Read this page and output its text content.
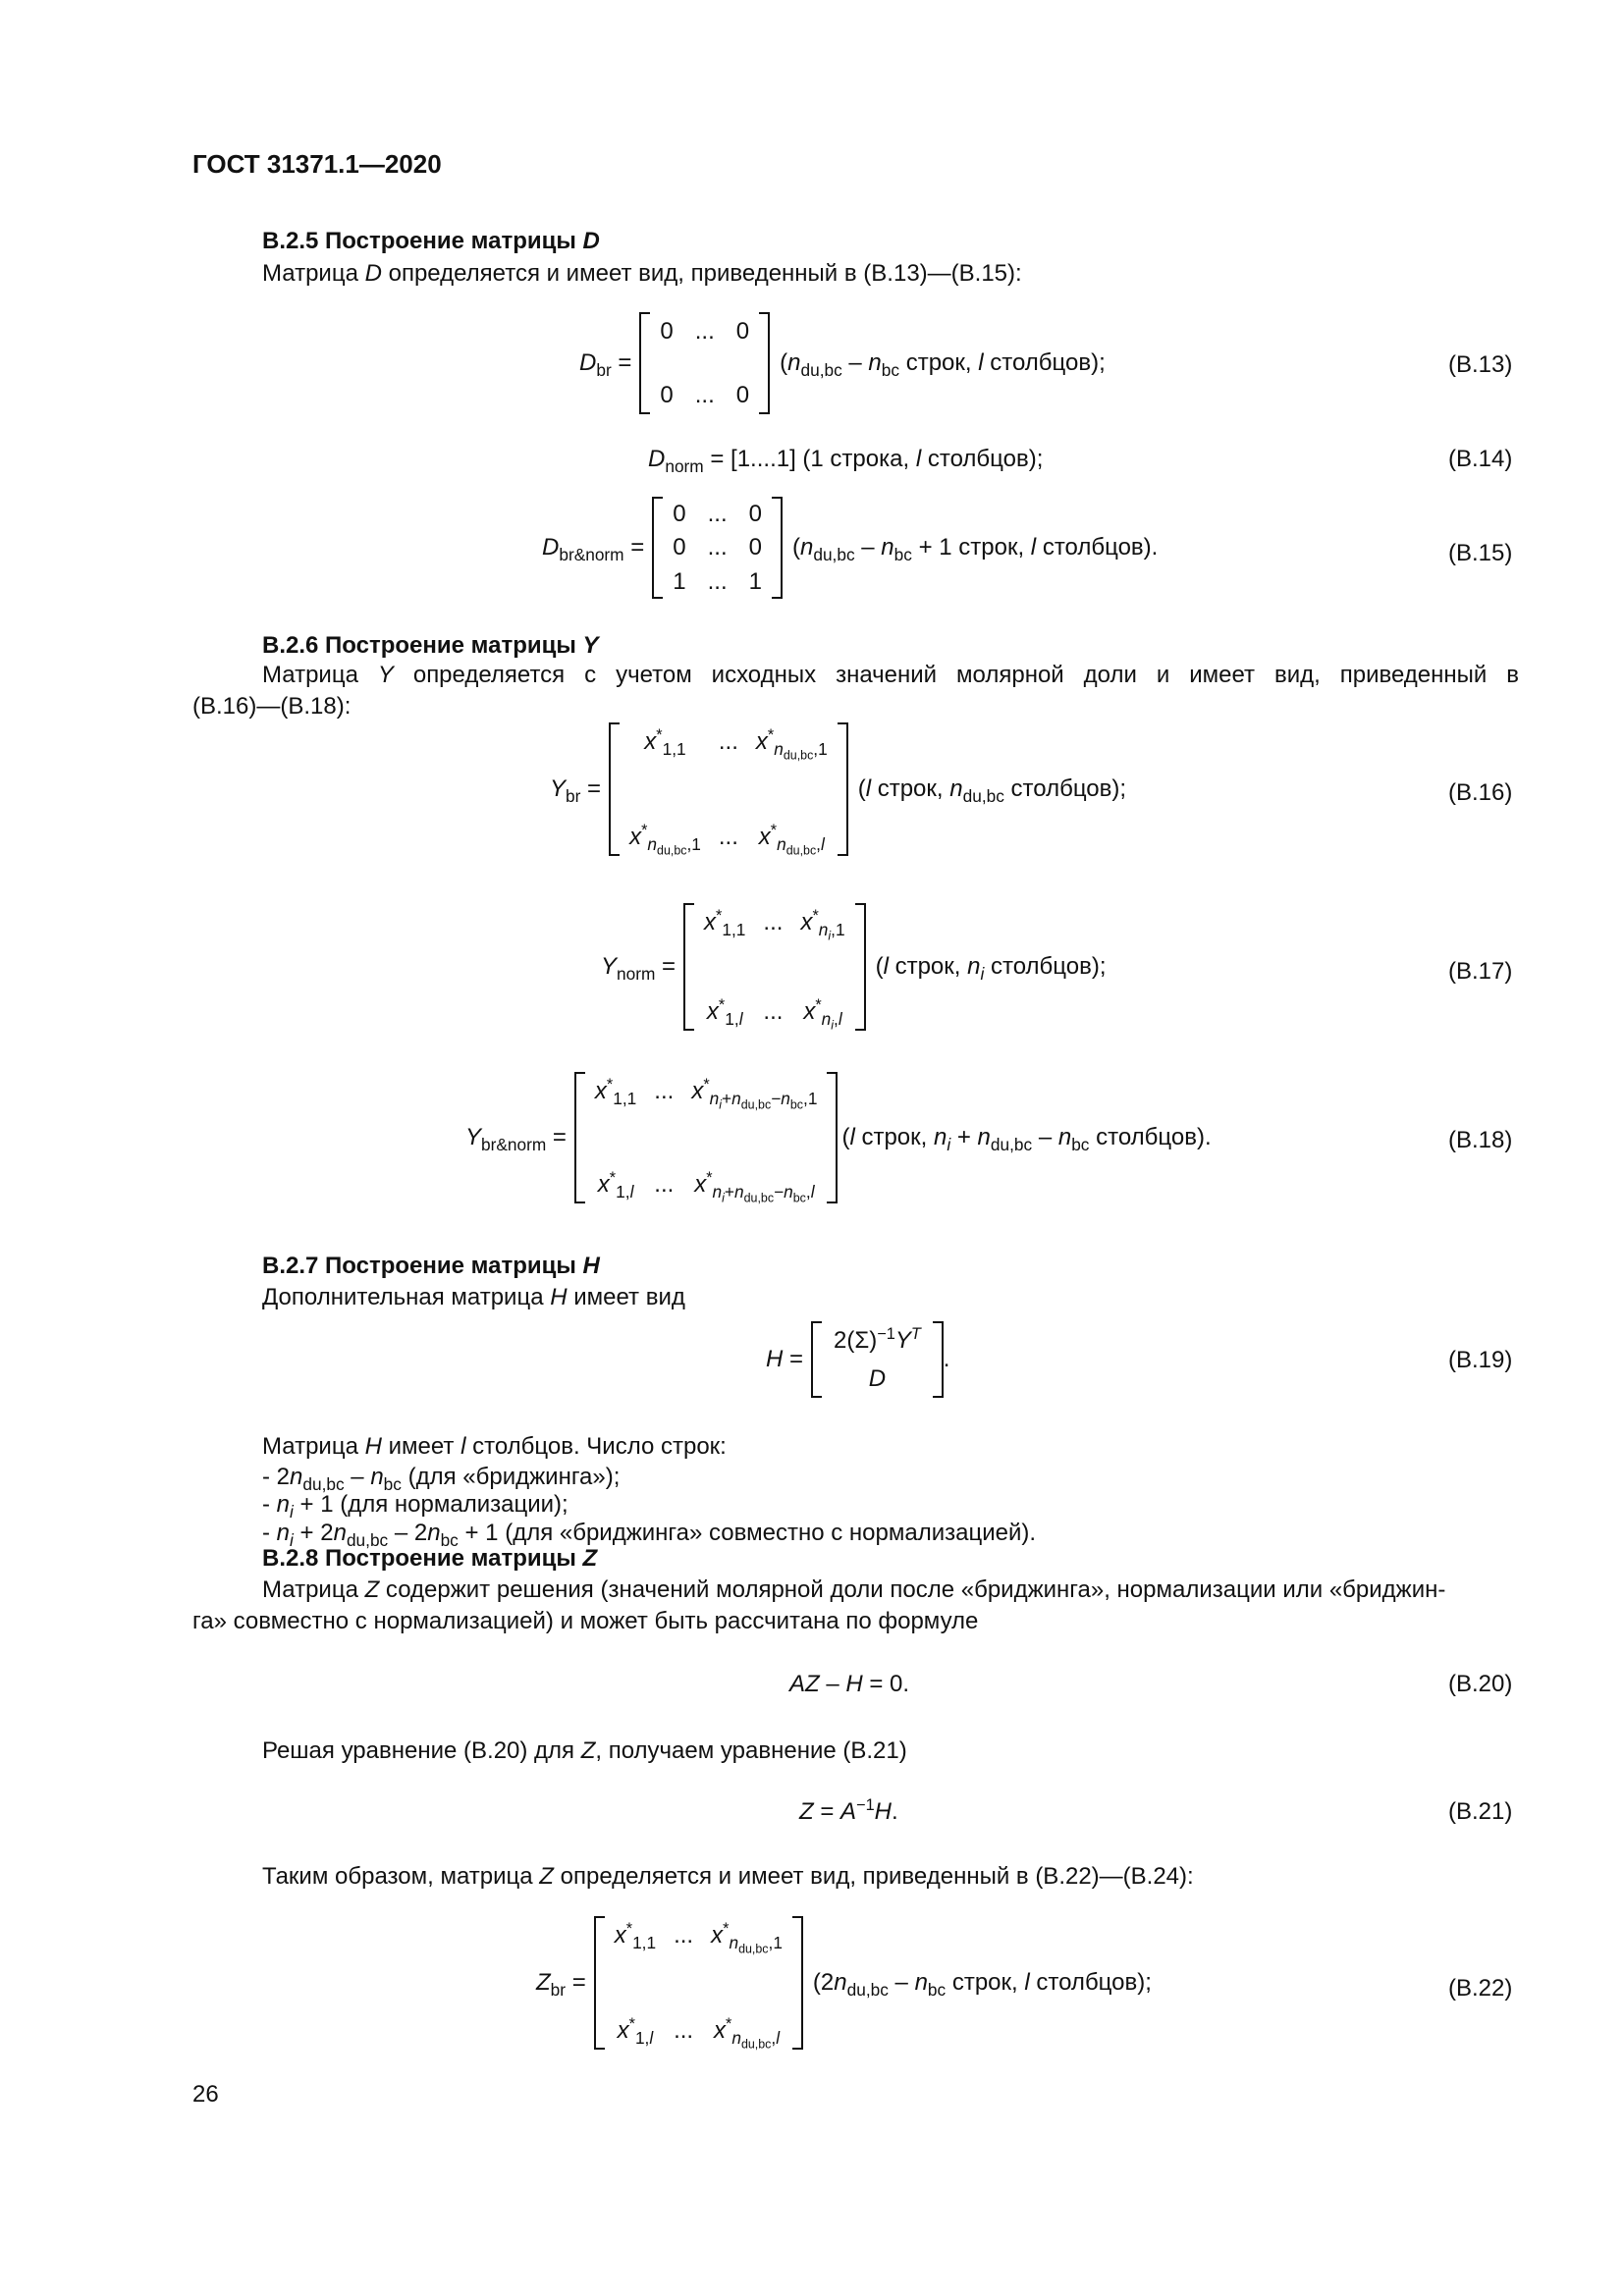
ГОСТ 31371.1—2020
В.2.5 Построение матрицы D
Матрица D определяется и имеет вид, приведенный в (В.13)—(В.15):
$D_{br}$ =
0 ... 0
0 ... 0
($n_{du,bc} - n_{bc}$ строк, l столбцов);	(В.13)
$D_{norm} = [1....1]$ (1 строка, l столбцов);	(В.14)
$D_{br\&norm}$ =
0 ... 0
0 ... 0
1 ... 1
($n_{du,bc} - n_{bc} + 1$ строк, l столбцов).	(В.15)
В.2.6 Построение матрицы Y
Матрица Y определяется с учетом исходных значений молярной доли и имеет вид, приведенный в
(В.16)—(В.18):
$Y_{br}$ =
$x^*_{1,1}$	... $x^*_{n_{du,bc},1}$
$x^*_{n_{du,bc},1}$ ... $x^*_{n_{du,bc},l}$
(l строк, $n_{du,bc}$ столбцов);	(В.16)
$Y_{norm}$ =
$x^*_{1,1}$ ... $x^*_{n_i,1}$
$x^*_{1,l}$ ... $x^*_{n_i,l}$
(l строк, $n_i$ столбцов);	(В.17)
$Y_{br\&norm}$ =
$x^*_{1,1}$ ... $x^*_{n_i+n_{du,bc}-n_{bc},1}$
$x^*_{1,l}$ ... $x^*_{n_i+n_{du,bc}-n_{bc},l}$
(l строк, $n_i + n_{du,bc} - n_{bc}$ столбцов).	(В.18)
В.2.7 Построение матрицы H
Дополнительная матрица H имеет вид
H =
$2(\Sigma)^{-1}Y^T$
D
.	(В.19)
Матрица H имеет l столбцов. Число строк:
- $2n_{du,bc} - n_{bc}$ (для «бриджинга»);
- $n_i + 1$ (для нормализации);
- $n_i + 2n_{du,bc} - 2n_{bc} + 1$ (для «бриджинга» совместно с нормализацией).
В.2.8 Построение матрицы Z
Матрица Z содержит решения (значений молярной доли после «бриджинга», нормализации или «бриджин-
га» совместно с нормализацией) и может быть рассчитана по формуле
AZ – H = 0.	(В.20)
Решая уравнение (В.20) для Z, получаем уравнение (В.21)
$Z = A^{-1}H$.	(В.21)
Таким образом, матрица Z определяется и имеет вид, приведенный в (В.22)—(В.24):
$Z_{br}$ =
$x^*_{1,1}$ ... $x^*_{n_{du,bc},1}$
$x^*_{1,l}$ ... $x^*_{n_{du,bc},l}$
($2n_{du,bc} - n_{bc}$ строк, l столбцов);	(В.22)
26
